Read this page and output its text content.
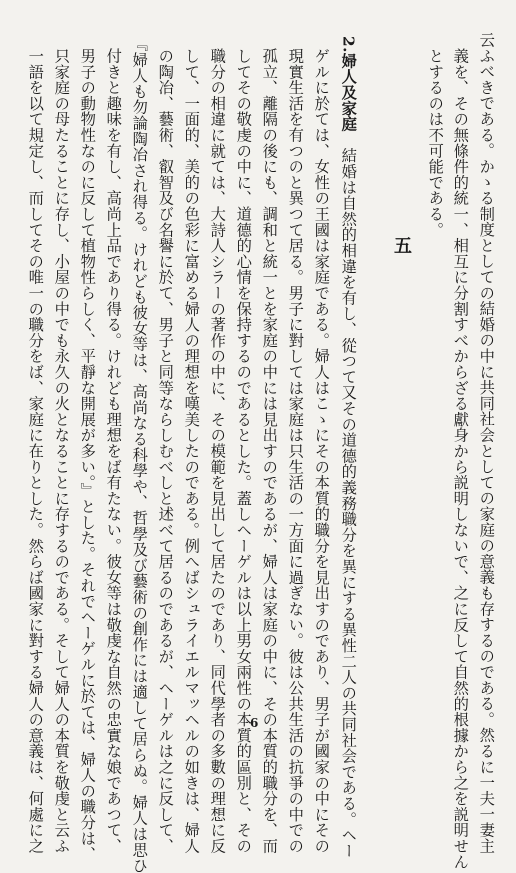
云ふべきである。かゝる制度としての結婚の中に共同社会としての家庭の意義も存するのである。然るに一夫一妻主
義を、その無條件的統一、相互に分割すべからざる獻身から説明しないで、之に反して自然的根據から之を説明せん
とするのは不可能である。
五
2.婦人及家庭　結婚は自然的相違を有し、從つて又その道德的義務職分を異にする異性二人の共同社会である。ヘー
ゲルに於ては、女性の王國は家庭である。婦人はこゝにその本質的職分を見出すのであり、男子が國家の中にその
現實生活を有つのと異つて居る。男子に對しては家庭は只生活の一方面に過ぎない。彼は公共生活の抗爭の中での
孤立、離隔の後にも、調和と統一とを家庭の中には見出すのであるが、婦人は家庭の中に、その本質的職分を、而
してその敬虔の中に、道德的心情を保持するのであるとした。蓋しヘーゲルは以上男女兩性の本質的區別と、その
職分の相違に就ては、大詩人シラーの著作の中に、その模範を見出して居たのであり、同代學者の多數の理想に反
して、一面的、美的の色彩に富める婦人の理想を嘆美したのである。例へばシュライエルマッヘルの如きは、婦人
の陶冶、藝術、叡智及び名譽に於て、男子と同等ならしむべしと述べて居るのであるが、ヘーゲルは之に反して、
『婦人も勿論陶冶され得る。けれども彼女等は、高尚なる科學や、哲學及び藝術の創作には適して居らぬ。婦人は思ひ
付きと趣味を有し、高尚上品であり得る。けれども理想をば有たない。彼女等は敬虔な自然の忠實な娘であつて、
男子の動物性なのに反して植物性らしく、平靜な開展が多い。』とした。それでヘーゲルに於ては、婦人の職分は、
只家庭の母たることに存し、小屋の中でも永久の火となることに存するのである。そして婦人の本質を敬虔と云ふ
一語を以て規定し、而してその唯一の職分をば、家庭に在りとした。然らば國家に對する婦人の意義は、何處に之	6
